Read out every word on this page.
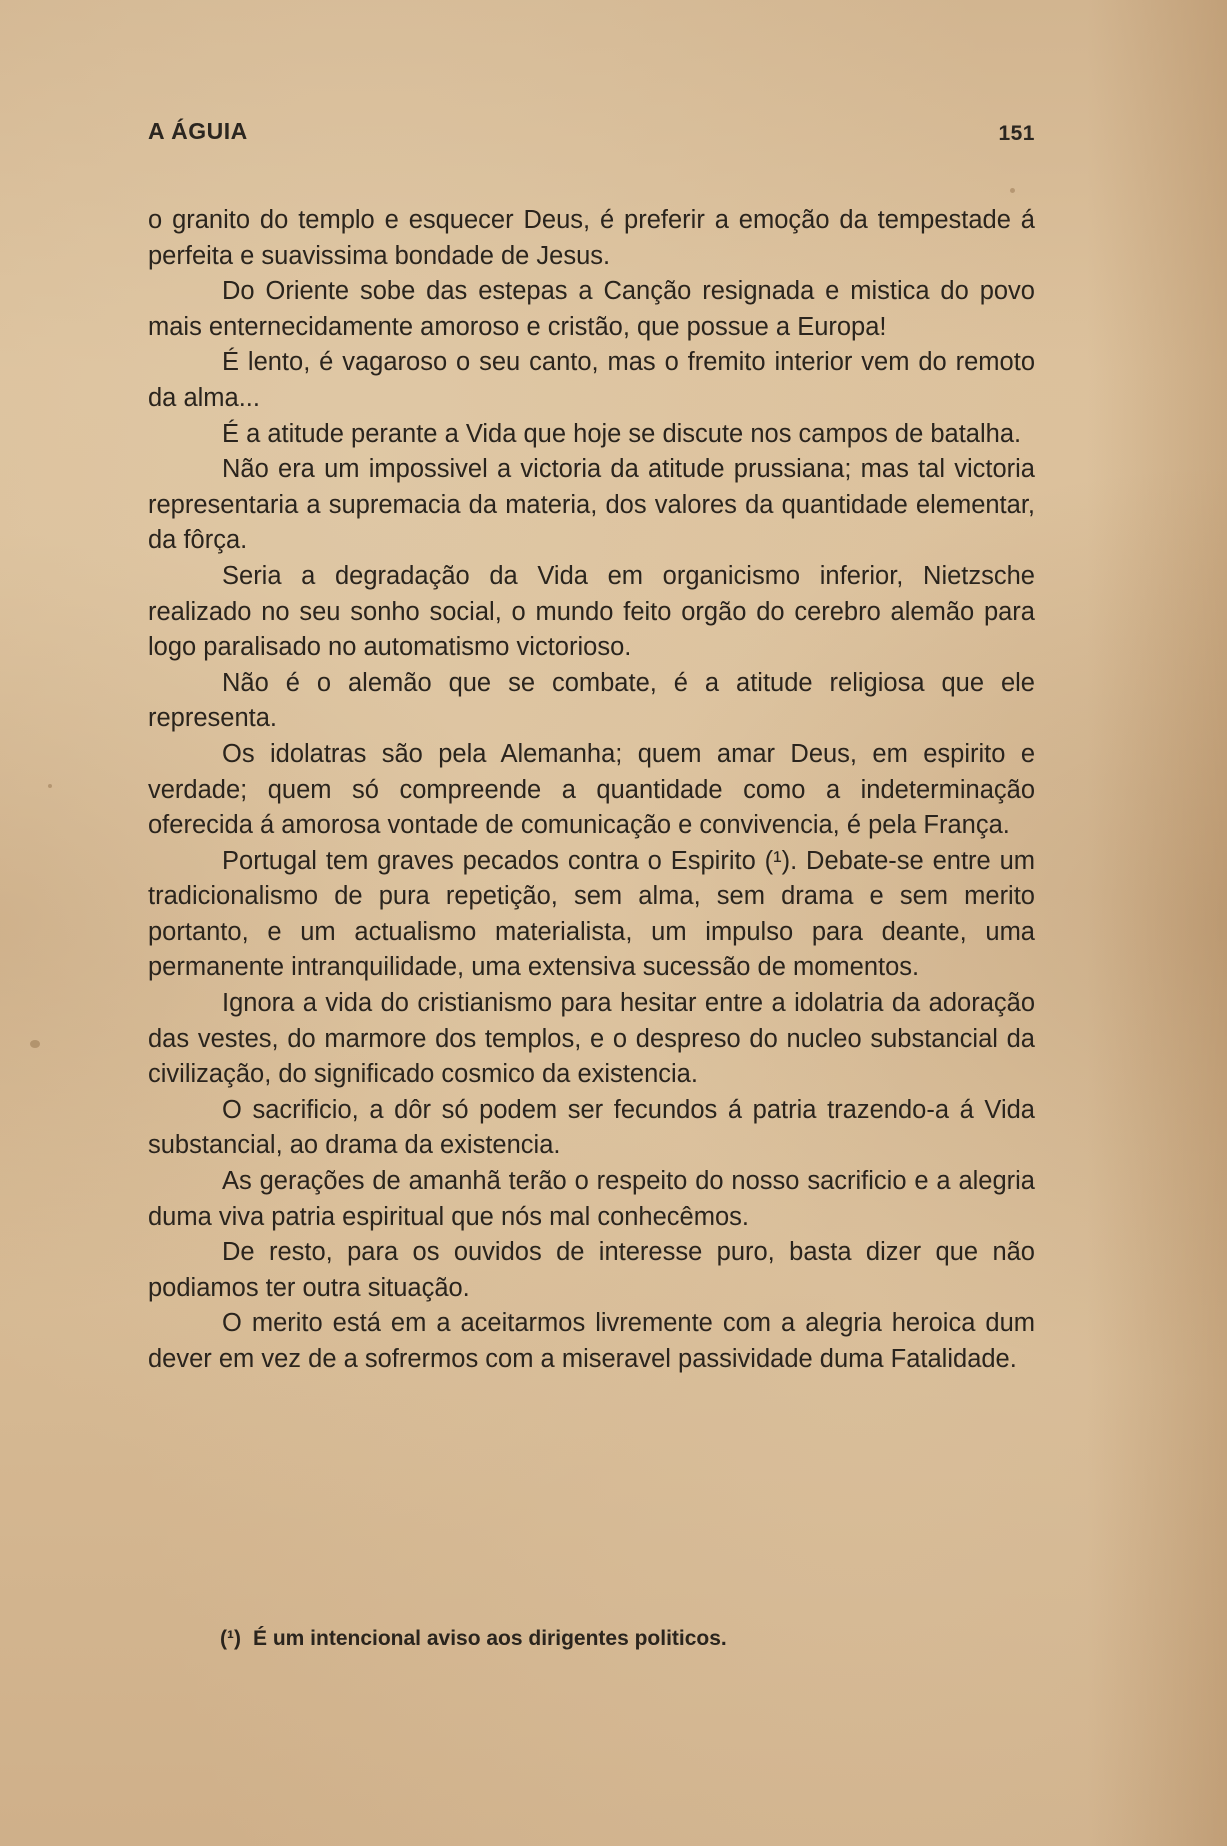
A ÁGUIA	151

o granito do templo e esquecer Deus, é preferir a emoção da tempestade á perfeita e suavissima bondade de Jesus.

Do Oriente sobe das estepas a Canção resignada e mistica do povo mais enternecidamente amoroso e cristão, que possue a Europa!

É lento, é vagaroso o seu canto, mas o fremito interior vem do remoto da alma...

É a atitude perante a Vida que hoje se discute nos campos de batalha.

Não era um impossivel a victoria da atitude prussiana; mas tal victoria representaria a supremacia da materia, dos valores da quantidade elementar, da fôrça.

Seria a degradação da Vida em organicismo inferior, Nietzsche realizado no seu sonho social, o mundo feito orgão do cerebro alemão para logo paralisado no automatismo victorioso.

Não é o alemão que se combate, é a atitude religiosa que ele representa.

Os idolatras são pela Alemanha; quem amar Deus, em espirito e verdade; quem só compreende a quantidade como a indeterminação oferecida á amorosa vontade de comunicação e convivencia, é pela França.

Portugal tem graves pecados contra o Espirito (¹). Debate-se entre um tradicionalismo de pura repetição, sem alma, sem drama e sem merito portanto, e um actualismo materialista, um impulso para deante, uma permanente intranquilidade, uma extensiva sucessão de momentos.

Ignora a vida do cristianismo para hesitar entre a idolatria da adoração das vestes, do marmore dos templos, e o despreso do nucleo substancial da civilização, do significado cosmico da existencia.

O sacrificio, a dôr só podem ser fecundos á patria trazendo-a á Vida substancial, ao drama da existencia.

As gerações de amanhã terão o respeito do nosso sacrificio e a alegria duma viva patria espiritual que nós mal conhecêmos.

De resto, para os ouvidos de interesse puro, basta dizer que não podiamos ter outra situação.

O merito está em a aceitarmos livremente com a alegria heroica dum dever em vez de a sofrermos com a miseravel passividade duma Fatalidade.

(¹) É um intencional aviso aos dirigentes politicos.
